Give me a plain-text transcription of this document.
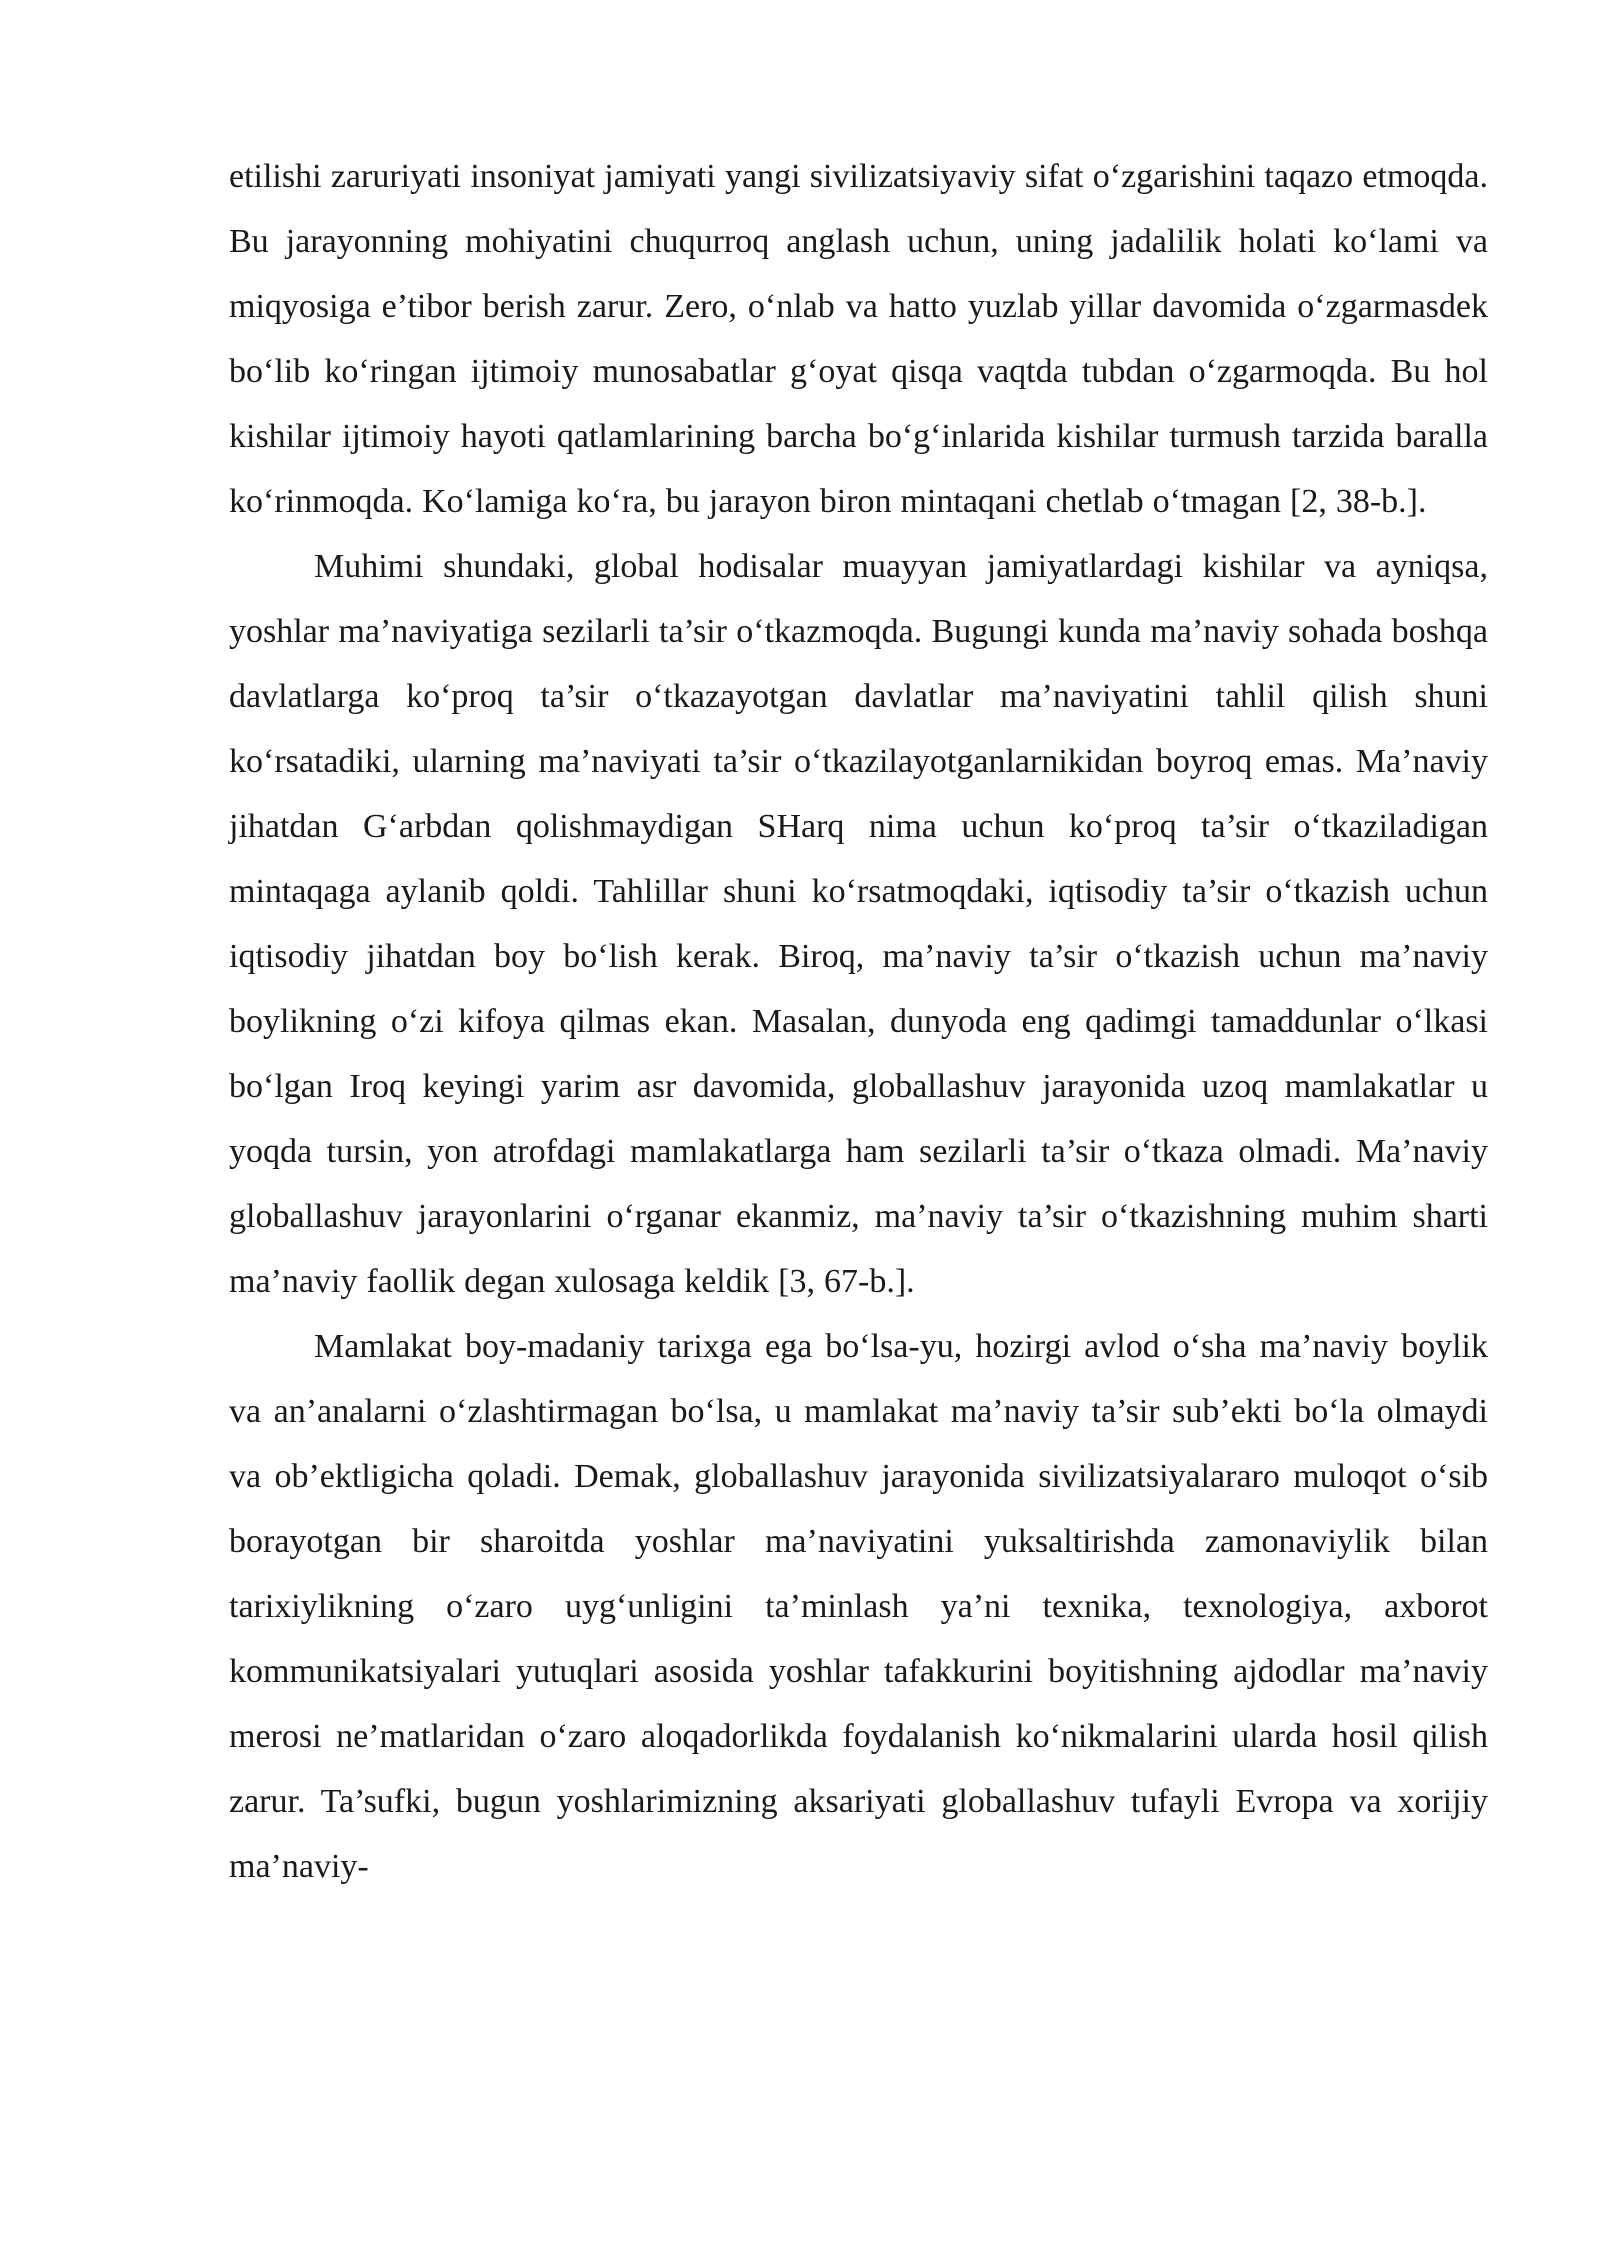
etilishi zaruriyati insoniyat jamiyati yangi sivilizatsiyaviy sifat o‘zgarishini taqazo etmoqda. Bu jarayonning mohiyatini chuqurroq anglash uchun, uning jadalilik holati ko‘lami va miqyosiga e’tibor berish zarur. Zero, o‘nlab va hatto yuzlab yillar davomida o‘zgarmasdek bo‘lib ko‘ringan ijtimoiy munosabatlar g‘oyat qisqa vaqtda tubdan o‘zgarmoqda. Bu hol kishilar ijtimoiy hayoti qatlamlarining barcha bo‘g‘inlarida kishilar turmush tarzida baralla ko‘rinmoqda. Ko‘lamiga ko‘ra, bu jarayon biron mintaqani chetlab o‘tmagan [2, 38-b.].

Muhimi shundaki, global hodisalar muayyan jamiyatlardagi kishilar va ayniqsa, yoshlar ma’naviyatiga sezilarli ta’sir o‘tkazmoqda. Bugungi kunda ma’naviy sohada boshqa davlatlarga ko‘proq ta’sir o‘tkazayotgan davlatlar ma’naviyatini tahlil qilish shuni ko‘rsatadiki, ularning ma’naviyati ta’sir o‘tkazilayotganlarnikidan boyroq emas. Ma’naviy jihatdan G‘arbdan qolishmaydigan SHarq nima uchun ko‘proq ta’sir o‘tkaziladigan mintaqaga aylanib qoldi. Tahlillar shuni ko‘rsatmoqdaki, iqtisodiy ta’sir o‘tkazish uchun iqtisodiy jihatdan boy bo‘lish kerak. Biroq, ma’naviy ta’sir o‘tkazish uchun ma’naviy boylikning o‘zi kifoya qilmas ekan. Masalan, dunyoda eng qadimgi tamaddunlar o‘lkasi bo‘lgan Iroq keyingi yarim asr davomida, globallashuv jarayonida uzoq mamlakatlar u yoqda tursin, yon atrofdagi mamlakatlarga ham sezilarli ta’sir o‘tkaza olmadi. Ma’naviy globallashuv jarayonlarini o‘rganar ekanmiz, ma’naviy ta’sir o‘tkazishning muhim sharti ma’naviy faollik degan xulosaga keldik [3, 67-b.].

Mamlakat boy-madaniy tarixga ega bo‘lsa-yu, hozirgi avlod o‘sha ma’naviy boylik va an’analarni o‘zlashtirmagan bo‘lsa, u mamlakat ma’naviy ta’sir sub’ekti bo‘la olmaydi va ob’ektligicha qoladi. Demak, globallashuv jarayonida sivilizatsiyalararo muloqot o‘sib borayotgan bir sharoitda yoshlar ma’naviyatini yuksaltirishda zamonaviylik bilan tarixiylikning o‘zaro uyg‘unligini ta’minlash ya’ni texnika, texnologiya, axborot kommunikatsiyalari yutuqlari asosida yoshlar tafakkurini boyitishning ajdodlar ma’naviy merosi ne’matlaridan o‘zaro aloqadorlikda foydalanish ko‘nikmalarini ularda hosil qilish zarur. Ta’sufki, bugun yoshlarimizning aksariyati globallashuv tufayli Evropa va xorijiy ma’naviy-
